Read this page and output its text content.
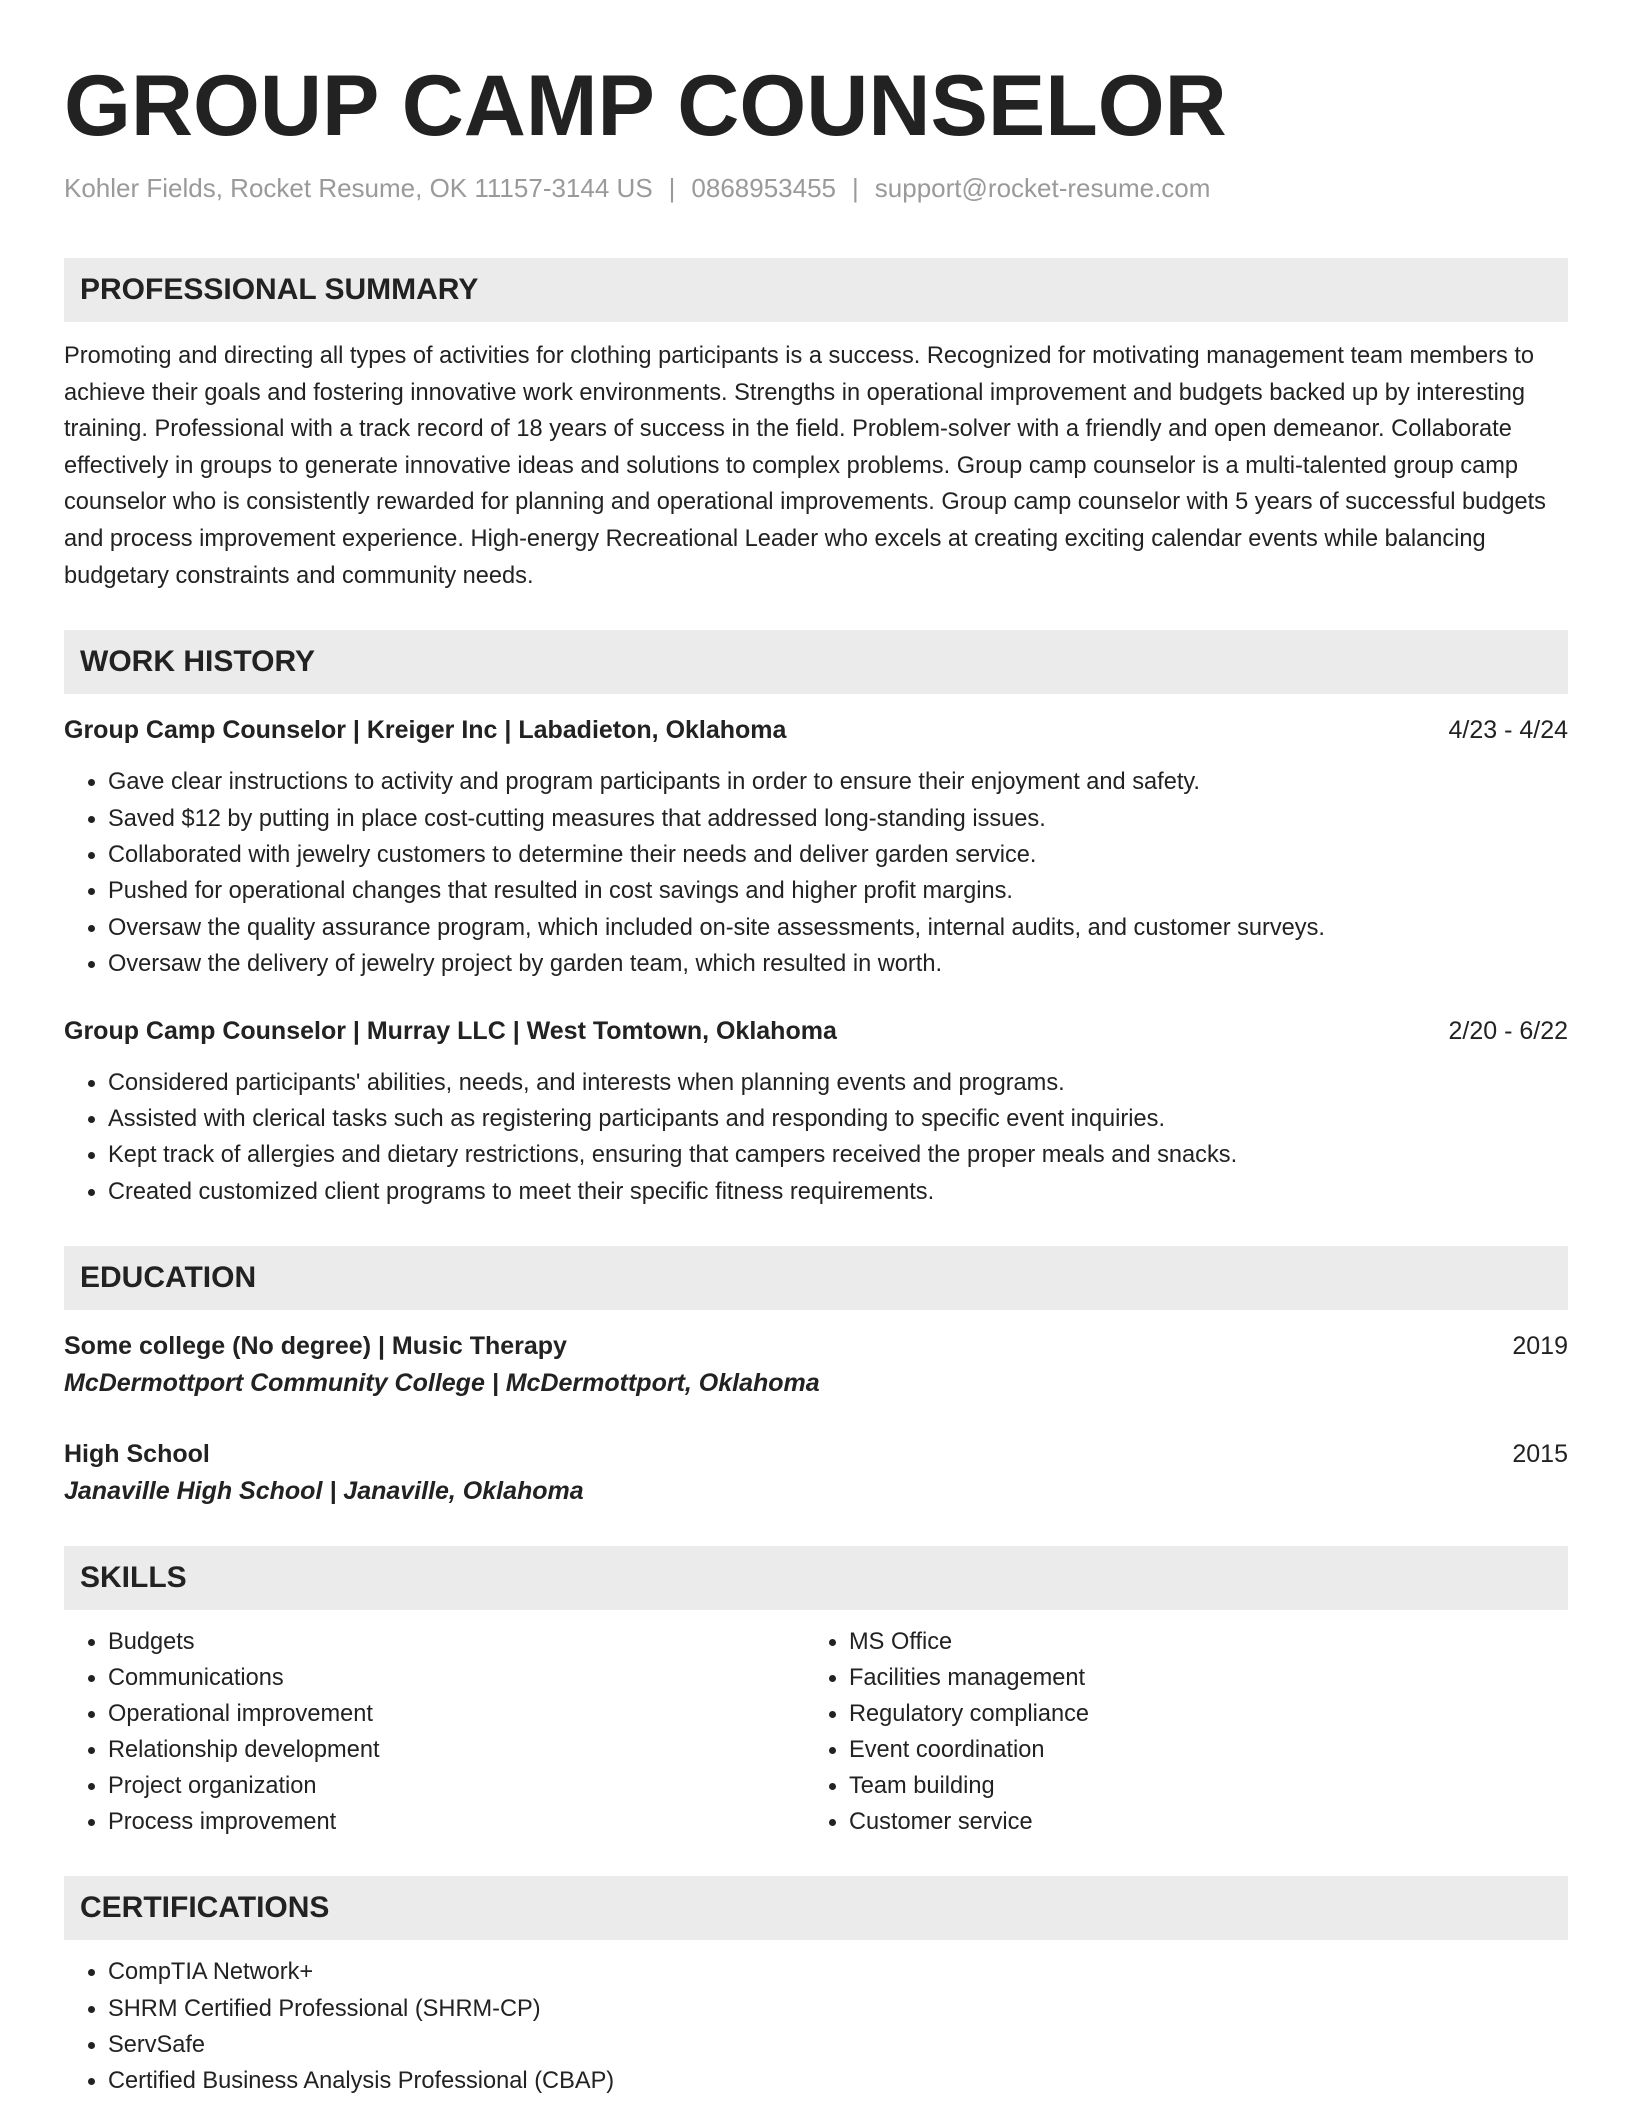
GROUP CAMP COUNSELOR
Kohler Fields, Rocket Resume, OK 11157-3144 US | 0868953455 | support@rocket-resume.com
PROFESSIONAL SUMMARY
Promoting and directing all types of activities for clothing participants is a success. Recognized for motivating management team members to achieve their goals and fostering innovative work environments. Strengths in operational improvement and budgets backed up by interesting training. Professional with a track record of 18 years of success in the field. Problem-solver with a friendly and open demeanor. Collaborate effectively in groups to generate innovative ideas and solutions to complex problems. Group camp counselor is a multi-talented group camp counselor who is consistently rewarded for planning and operational improvements. Group camp counselor with 5 years of successful budgets and process improvement experience. High-energy Recreational Leader who excels at creating exciting calendar events while balancing budgetary constraints and community needs.
WORK HISTORY
Group Camp Counselor | Kreiger Inc | Labadieton, Oklahoma	4/23 - 4/24
• Gave clear instructions to activity and program participants in order to ensure their enjoyment and safety.
• Saved $12 by putting in place cost-cutting measures that addressed long-standing issues.
• Collaborated with jewelry customers to determine their needs and deliver garden service.
• Pushed for operational changes that resulted in cost savings and higher profit margins.
• Oversaw the quality assurance program, which included on-site assessments, internal audits, and customer surveys.
• Oversaw the delivery of jewelry project by garden team, which resulted in worth.
Group Camp Counselor | Murray LLC | West Tomtown, Oklahoma	2/20 - 6/22
• Considered participants' abilities, needs, and interests when planning events and programs.
• Assisted with clerical tasks such as registering participants and responding to specific event inquiries.
• Kept track of allergies and dietary restrictions, ensuring that campers received the proper meals and snacks.
• Created customized client programs to meet their specific fitness requirements.
EDUCATION
Some college (No degree) | Music Therapy	2019
McDermottport Community College | McDermottport, Oklahoma
High School	2015
Janaville High School | Janaville, Oklahoma
SKILLS
• Budgets
• Communications
• Operational improvement
• Relationship development
• Project organization
• Process improvement
• MS Office
• Facilities management
• Regulatory compliance
• Event coordination
• Team building
• Customer service
CERTIFICATIONS
• CompTIA Network+
• SHRM Certified Professional (SHRM-CP)
• ServSafe
• Certified Business Analysis Professional (CBAP)
